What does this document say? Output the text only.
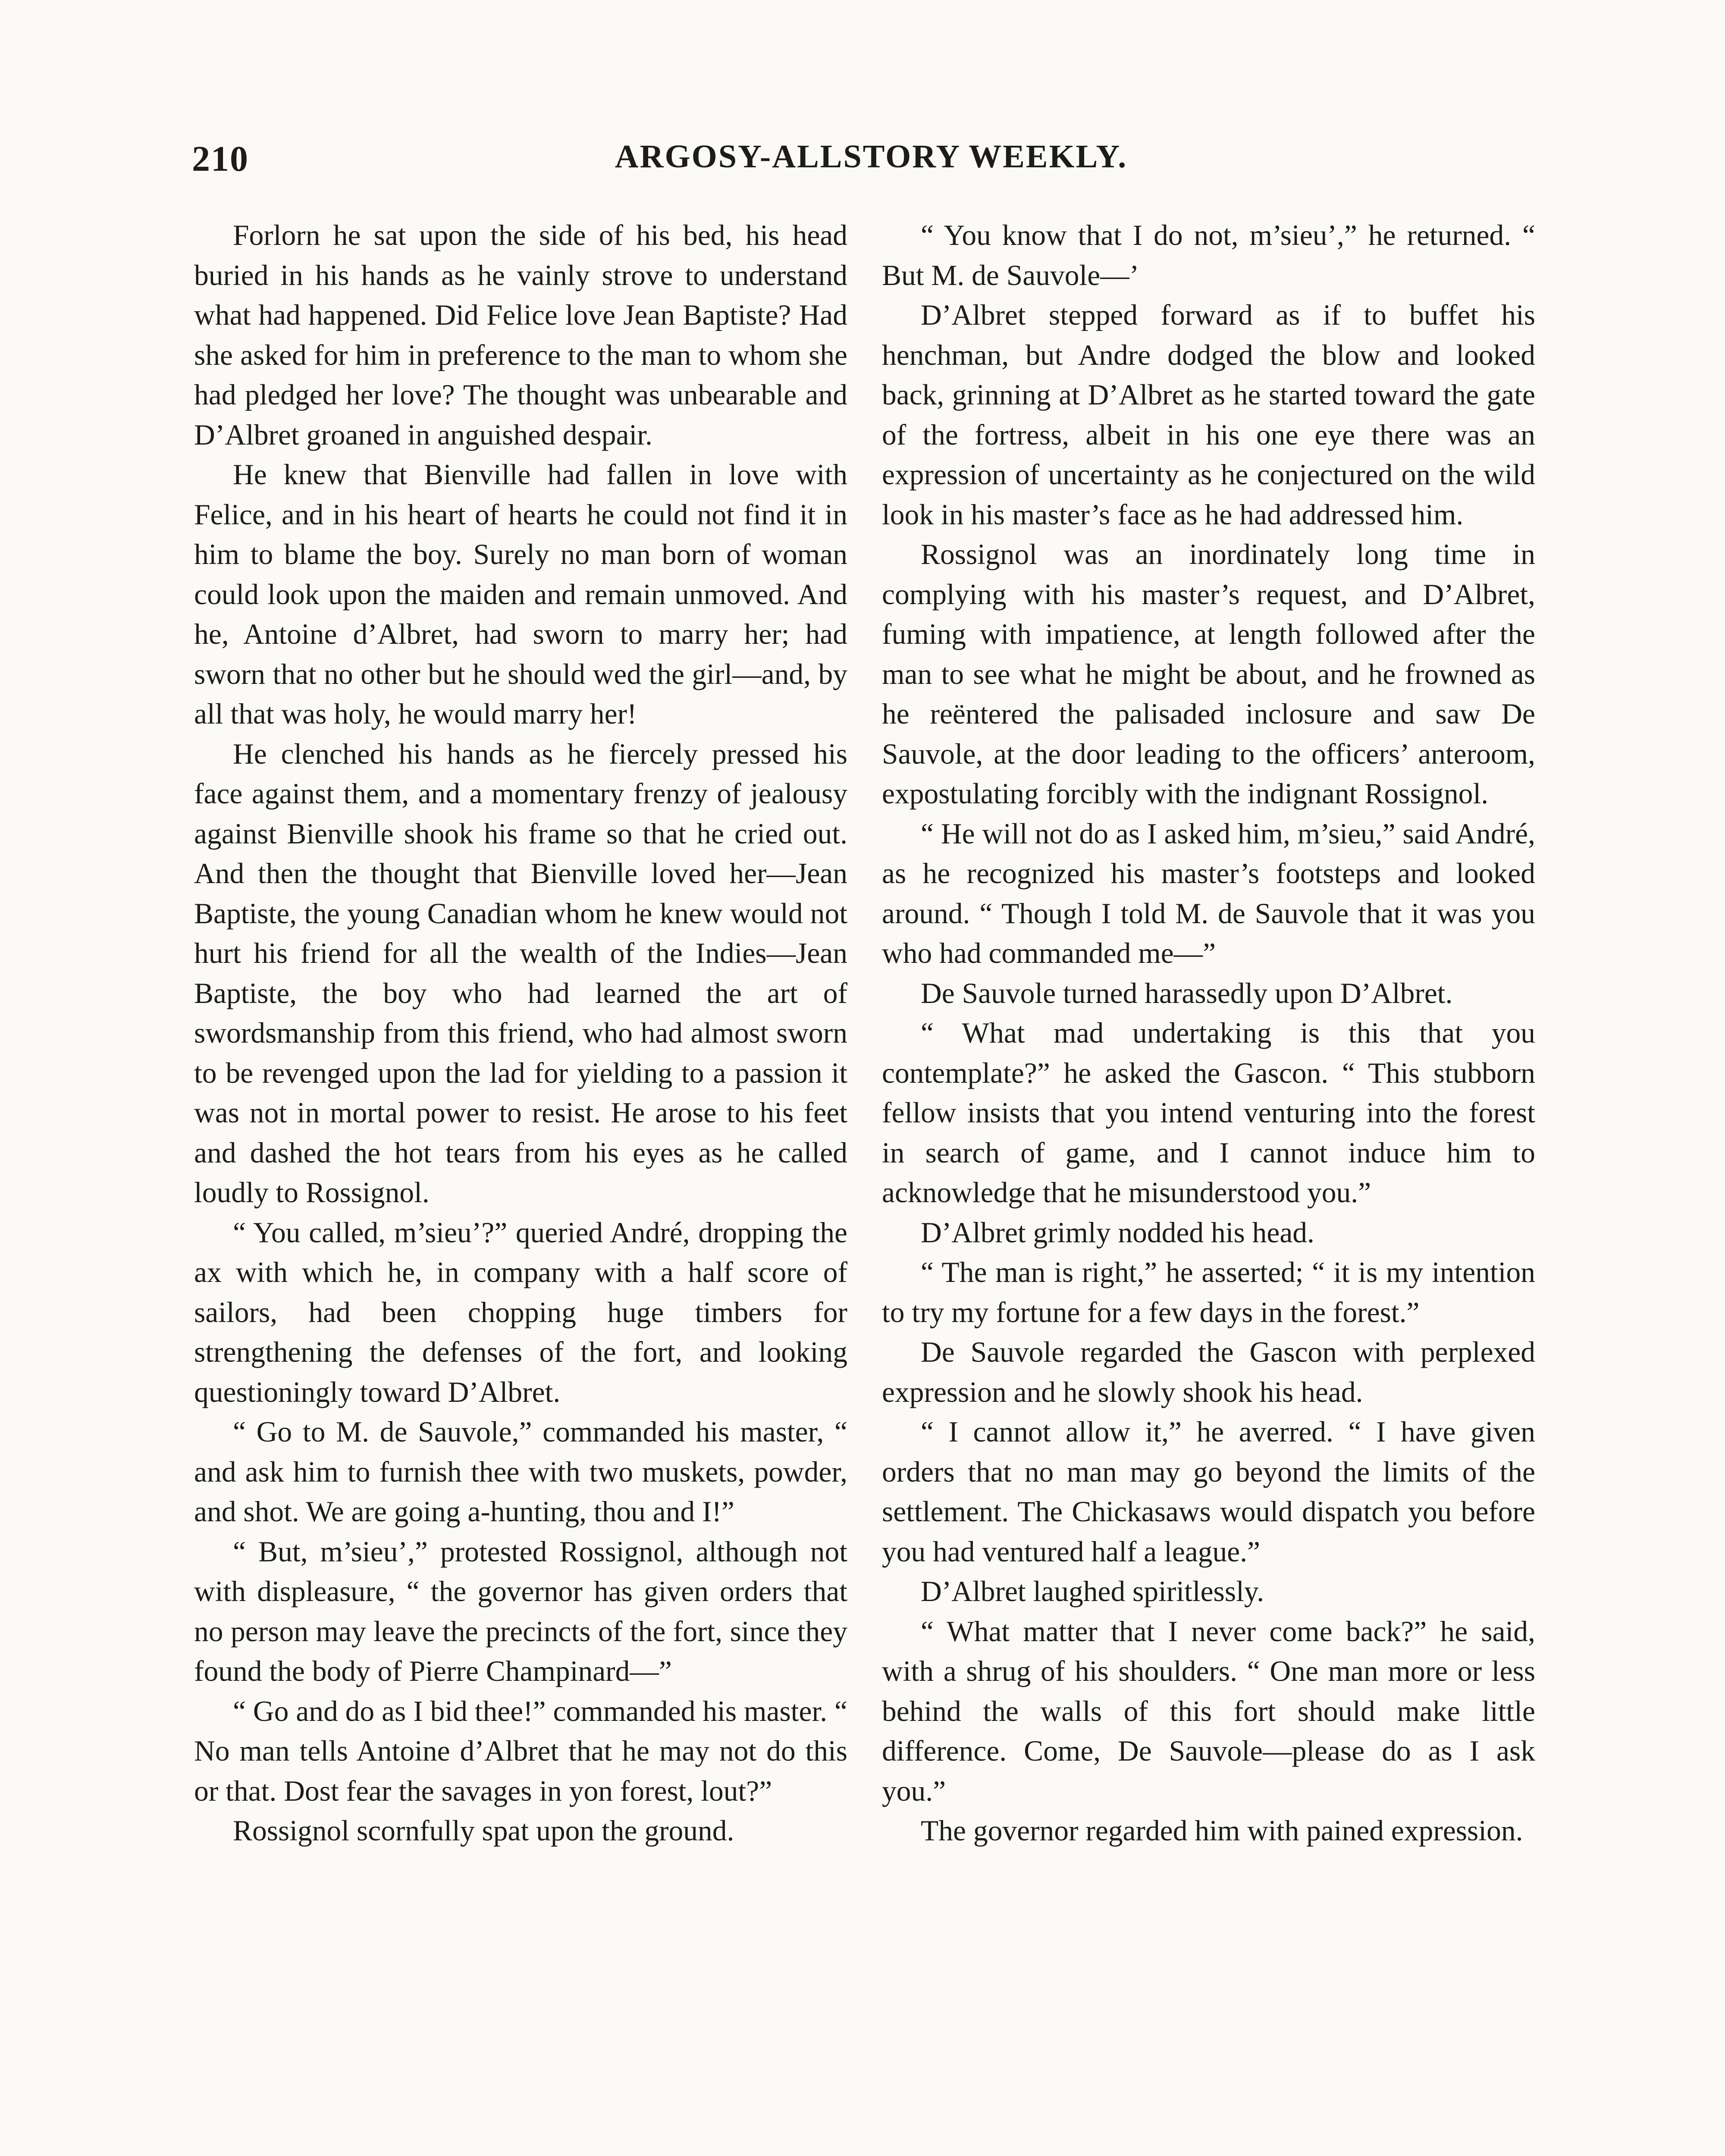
210	ARGOSY-ALLSTORY WEEKLY.

Forlorn he sat upon the side of his bed, his head buried in his hands as he vainly strove to understand what had happened. Did Felice love Jean Baptiste? Had she asked for him in preference to the man to whom she had pledged her love? The thought was unbearable and D’Albret groaned in anguished despair.

He knew that Bienville had fallen in love with Felice, and in his heart of hearts he could not find it in him to blame the boy. Surely no man born of woman could look upon the maiden and remain unmoved. And he, Antoine d’Albret, had sworn to marry her; had sworn that no other but he should wed the girl—and, by all that was holy, he would marry her!

He clenched his hands as he fiercely pressed his face against them, and a momentary frenzy of jealousy against Bienville shook his frame so that he cried out. And then the thought that Bienville loved her—Jean Baptiste, the young Canadian whom he knew would not hurt his friend for all the wealth of the Indies—Jean Baptiste, the boy who had learned the art of swordsmanship from this friend, who had almost sworn to be revenged upon the lad for yielding to a passion it was not in mortal power to resist. He arose to his feet and dashed the hot tears from his eyes as he called loudly to Rossignol.

“ You called, m’sieu’?” queried André, dropping the ax with which he, in company with a half score of sailors, had been chopping huge timbers for strengthening the defenses of the fort, and looking questioningly toward D’Albret.

“ Go to M. de Sauvole,” commanded his master, “ and ask him to furnish thee with two muskets, powder, and shot. We are going a-hunting, thou and I!”

“ But, m’sieu’,” protested Rossignol, although not with displeasure, “ the governor has given orders that no person may leave the precincts of the fort, since they found the body of Pierre Champinard—”

“ Go and do as I bid thee!” commanded his master. “ No man tells Antoine d’Albret that he may not do this or that. Dost fear the savages in yon forest, lout?”

Rossignol scornfully spat upon the ground.

“ You know that I do not, m’sieu’,” he returned. “ But M. de Sauvole—’

D’Albret stepped forward as if to buffet his henchman, but Andre dodged the blow and looked back, grinning at D’Albret as he started toward the gate of the fortress, albeit in his one eye there was an expression of uncertainty as he conjectured on the wild look in his master’s face as he had addressed him.

Rossignol was an inordinately long time in complying with his master’s request, and D’Albret, fuming with impatience, at length followed after the man to see what he might be about, and he frowned as he reëntered the palisaded inclosure and saw De Sauvole, at the door leading to the officers’ anteroom, expostulating forcibly with the indignant Rossignol.

“ He will not do as I asked him, m’sieu,” said André, as he recognized his master’s footsteps and looked around. “ Though I told M. de Sauvole that it was you who had commanded me—”

De Sauvole turned harassedly upon D’Albret.

“ What mad undertaking is this that you contemplate?” he asked the Gascon. “ This stubborn fellow insists that you intend venturing into the forest in search of game, and I cannot induce him to acknowledge that he misunderstood you.”

D’Albret grimly nodded his head.

“ The man is right,” he asserted; “ it is my intention to try my fortune for a few days in the forest.”

De Sauvole regarded the Gascon with perplexed expression and he slowly shook his head.

“ I cannot allow it,” he averred. “ I have given orders that no man may go beyond the limits of the settlement. The Chickasaws would dispatch you before you had ventured half a league.”

D’Albret laughed spiritlessly.

“ What matter that I never come back?” he said, with a shrug of his shoulders. “ One man more or less behind the walls of this fort should make little difference. Come, De Sauvole—please do as I ask you.”

The governor regarded him with pained expression.
